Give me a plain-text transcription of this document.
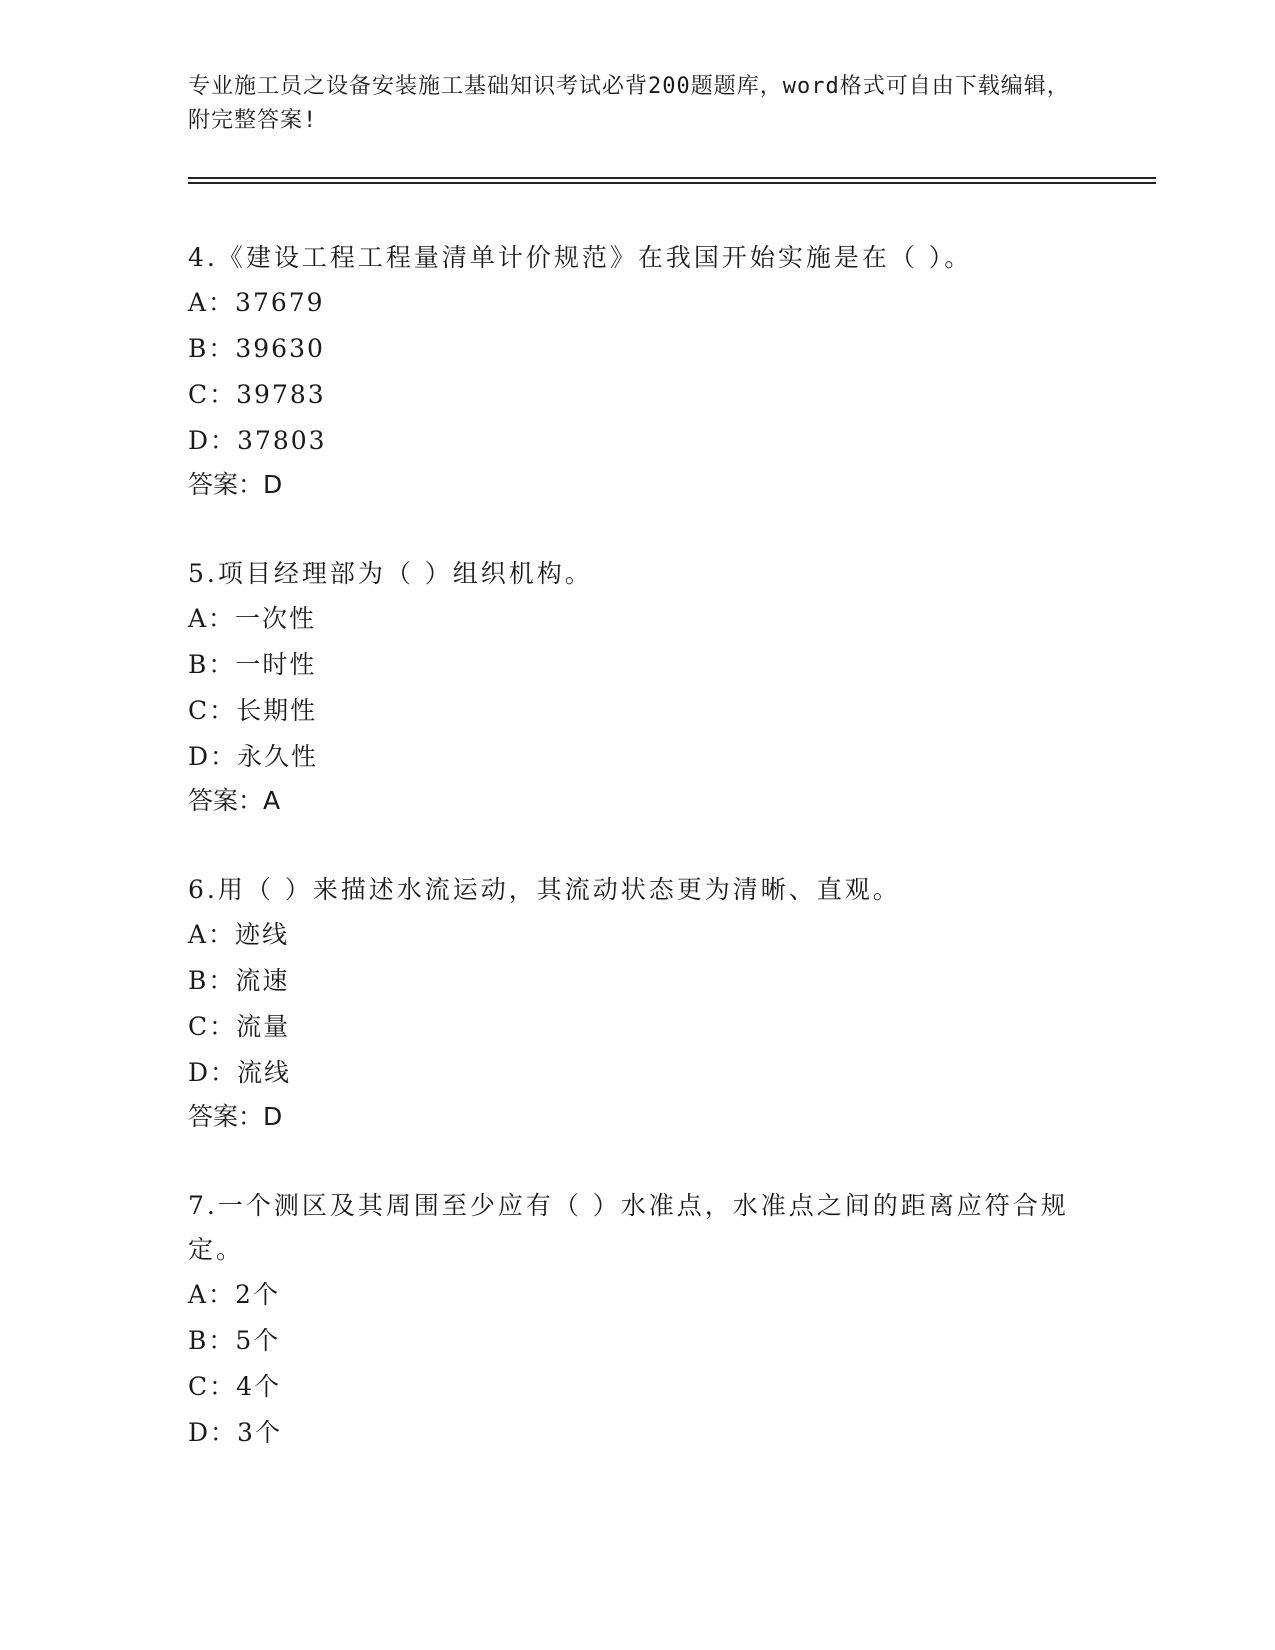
专业施工员之设备安装施工基础知识考试必背200题题库，word格式可自由下载编辑，附完整答案!
4.《建设工程工程量清单计价规范》在我国开始实施是在（ ）。
A：37679
B：39630
C：39783
D：37803
答案：D
5.项目经理部为（ ）组织机构。
A：一次性
B：一时性
C：长期性
D：永久性
答案：A
6.用（ ）来描述水流运动，其流动状态更为清晰、直观。
A：迹线
B：流速
C：流量
D：流线
答案：D
7.一个测区及其周围至少应有（ ）水准点，水准点之间的距离应符合规定。
A：2个
B：5个
C：4个
D：3个
